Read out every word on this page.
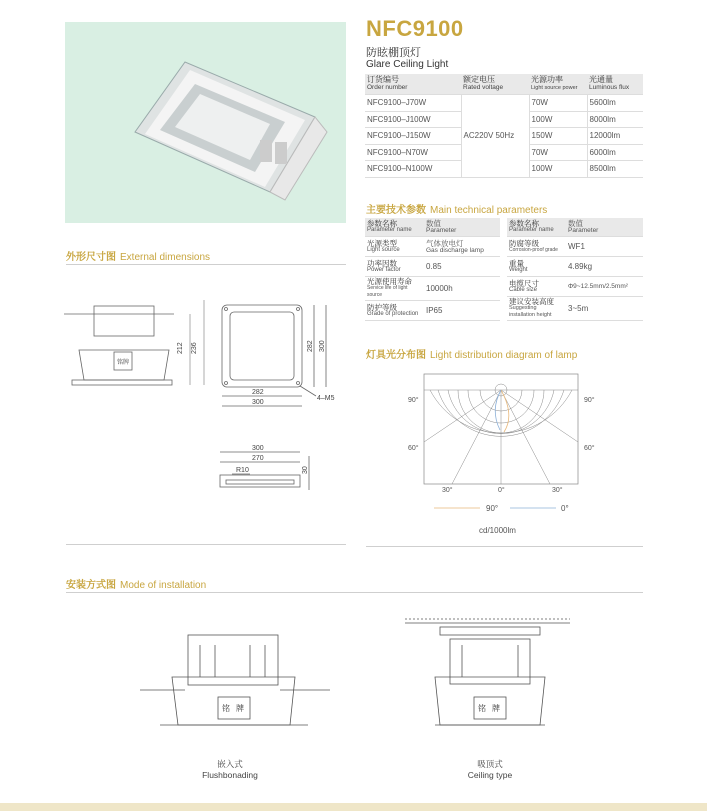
NFC9100
防眩棚顶灯
Glare Ceiling Light
订货编号
Order number	额定电压
Rated voltage	光源功率
Light source power	光通量
Luminous flux

NFC9100–J70W	AC220V 50Hz	70W	5600lm
NFC9100–J100W		100W	8000lm
NFC9100–J150W		150W	12000lm
NFC9100–N70W		70W	6000lm
NFC9100–N100W		100W	8500lm
主要技术参数 Main technical parameters
参数名称
Parameter name	数值
Parameter

光源类型
Light source	气体放电灯
Gas discharge lamp

功率因数
Power factor	0.85

光源使用寿命
Service life of light source	10000h

防护等级
Grade of protection	IP65
参数名称
Parameter name	数值
Parameter

防腐等级
Corrosion-proof grade	WF1

重量
Weight	4.89kg

电缆尺寸
Cable size	Φ9~12.5mm/2.5mm²

建议安装高度
Suggesting installation height	3~5m
外形尺寸图 External dimensions
铭 牌
212 236
282
300
282 300
4–M5
300
270
R10	30
灯具光分布图 Light distribution diagram of lamp
90°	90°
60°	60°
30°	0°	30°
90°	0°
cd/1000lm
安装方式图 Mode of installation
铭 牌	铭 牌
嵌入式
Flushbonading
吸顶式
Ceiling type
